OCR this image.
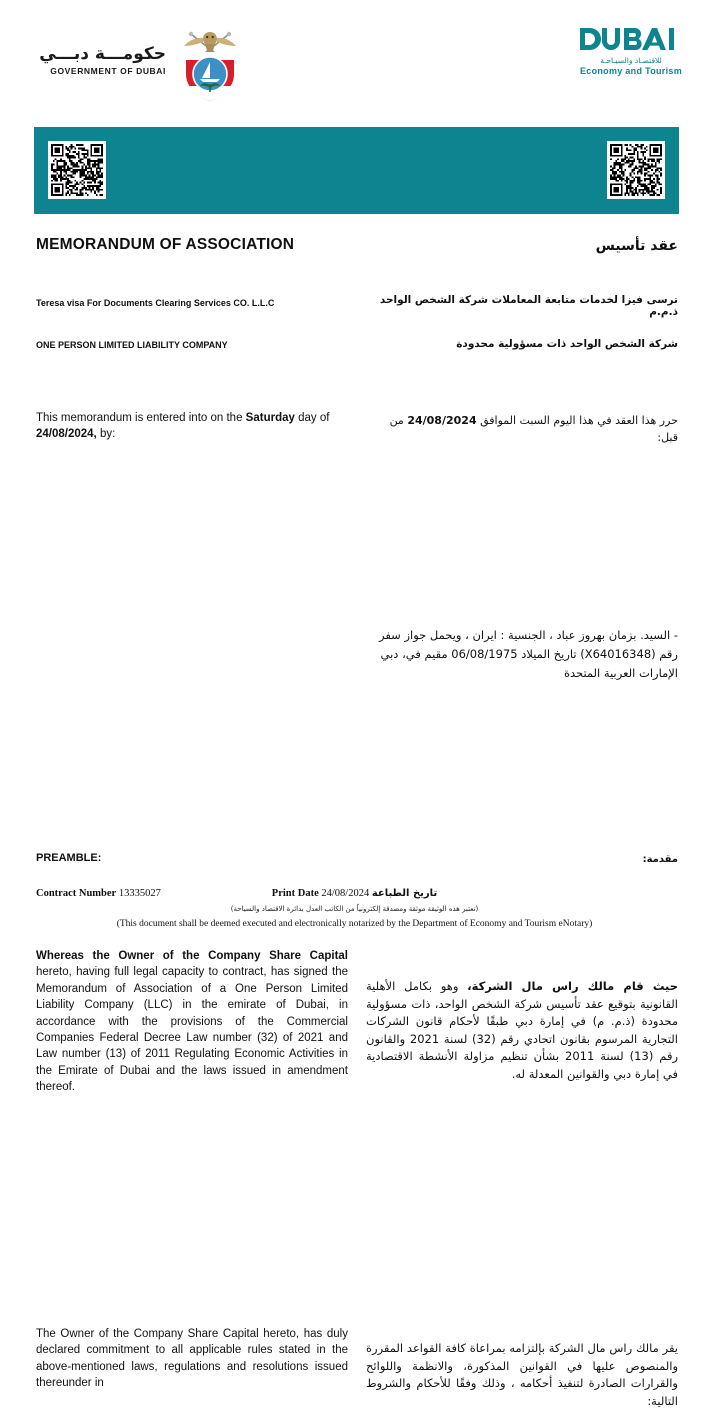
حكومـــة دبـــي
GOVERNMENT OF DUBAI
للاقتصـاد والسيـاحـة
Economy and Tourism
MEMORANDUM OF ASSOCIATION	عقد تأسيس
Teresa visa For Documents Clearing Services CO. L.L.C	ترسى فيزا لخدمات متابعة المعاملات شركة الشخص الواحد ذ.م.م
ONE PERSON LIMITED LIABILITY COMPANY	شركة الشخص الواحد ذات مسؤولية محدودة
This memorandum is entered into on the Saturday day of 24/08/2024, by:
حرر هذا العقد في هذا اليوم السبت الموافق 24/08/2024 من قبل:
- السيد. بزمان بهروز عباد ، الجنسية : ايران ، ويحمل جواز سفر رقم (X64016348) تاريخ الميلاد 06/08/1975 مقيم في، دبي الإمارات العربية المتحدة
PREAMBLE:	مقدمة:
Whereas the Owner of the Company Share Capital hereto, having full legal capacity to contract, has signed the Memorandum of Association of a One Person Limited Liability Company (LLC) in the emirate of Dubai, in accordance with the provisions of the Commercial Companies Federal Decree Law number (32) of 2021 and Law number (13) of 2011 Regulating Economic Activities in the Emirate of Dubai and the laws issued in amendment thereof.
حيث قام مالك راس مال الشركة، وهو بكامل الأهلية القانونية بتوقيع عقد تأسيس شركة الشخص الواحد، ذات مسؤولية محدودة (ذ.م. م) في إمارة دبي طبقًا لأحكام قانون الشركات التجارية المرسوم بقانون اتحادي رقم (32) لسنة 2021 والقانون رقم (13) لسنة 2011 بشأن تنظيم مزاولة الأنشطة الاقتصادية في إمارة دبي والقوانين المعدلة له.
The Owner of the Company Share Capital hereto, has duly declared commitment to all applicable rules stated in the above-mentioned laws, regulations and resolutions issued thereunder in
يقر مالك راس مال الشركة بإلتزامه بمراعاة كافة القواعد المقررة والمنصوص عليها في القوانين المذكورة، والانظمة واللوائح والقرارات الصادرة لتنفيذ أحكامه ، وذلك وفقًا للأحكام والشروط التالية:
Contract Number 13335027	Print Date 24/08/2024 تاريخ الطباعة
(تعتبر هذه الوثيقة موثقة ومصدقة إلكترونياً من الكاتب العدل بدائرة الاقتصاد والسياحة)
(This document shall be deemed executed and electronically notarized by the Department of Economy and Tourism eNotary)
